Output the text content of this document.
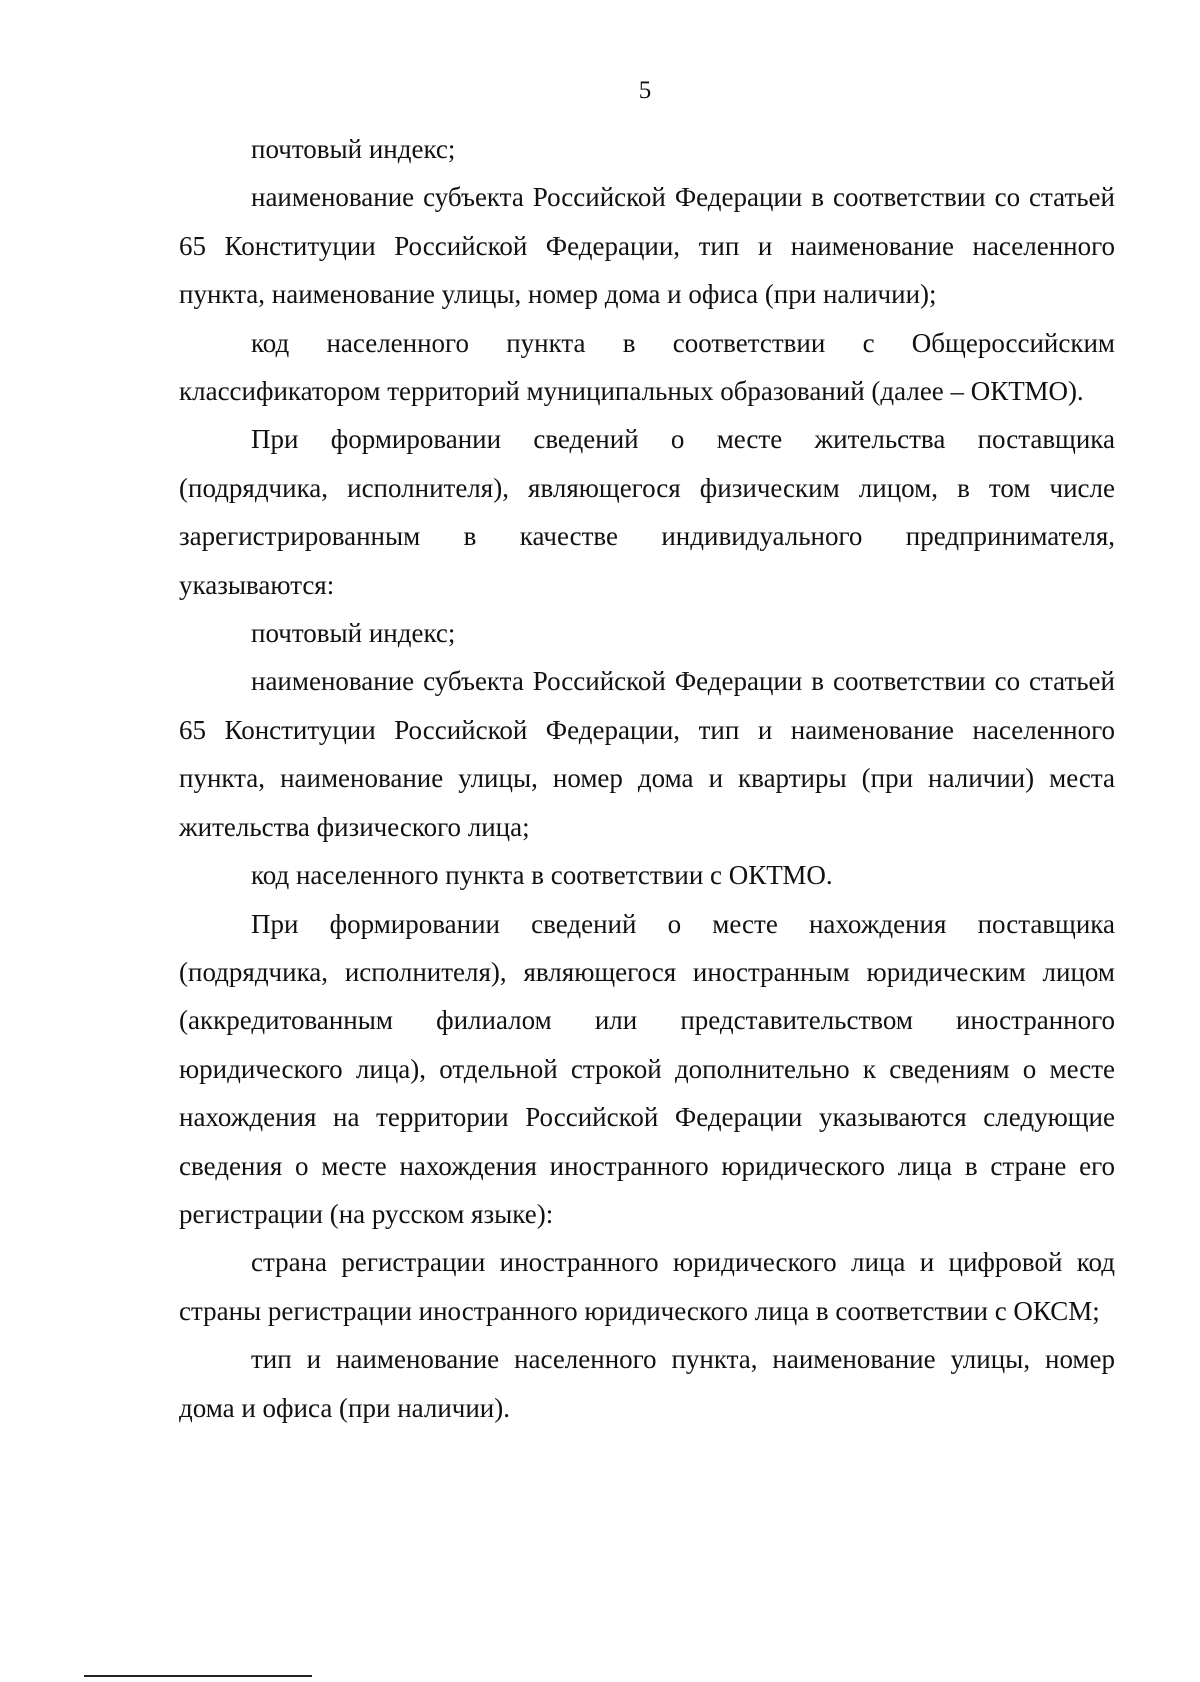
5

почтовый индекс;

наименование субъекта Российской Федерации в соответствии со статьей 65 Конституции Российской Федерации, тип и наименование населенного пункта, наименование улицы, номер дома и офиса (при наличии);

код населенного пункта в соответствии с Общероссийским классификатором территорий муниципальных образований (далее – ОКТМО).

При формировании сведений о месте жительства поставщика (подрядчика, исполнителя), являющегося физическим лицом, в том числе зарегистрированным в качестве индивидуального предпринимателя, указываются:

почтовый индекс;

наименование субъекта Российской Федерации в соответствии со статьей 65 Конституции Российской Федерации, тип и наименование населенного пункта, наименование улицы, номер дома и квартиры (при наличии) места жительства физического лица;

код населенного пункта в соответствии с ОКТМО.

При формировании сведений о месте нахождения поставщика (подрядчика, исполнителя), являющегося иностранным юридическим лицом (аккредитованным филиалом или представительством иностранного юридического лица), отдельной строкой дополнительно к сведениям о месте нахождения на территории Российской Федерации указываются следующие сведения о месте нахождения иностранного юридического лица в стране его регистрации (на русском языке):

страна регистрации иностранного юридического лица и цифровой код страны регистрации иностранного юридического лица в соответствии с ОКСМ;

тип и наименование населенного пункта, наименование улицы, номер дома и офиса (при наличии).
